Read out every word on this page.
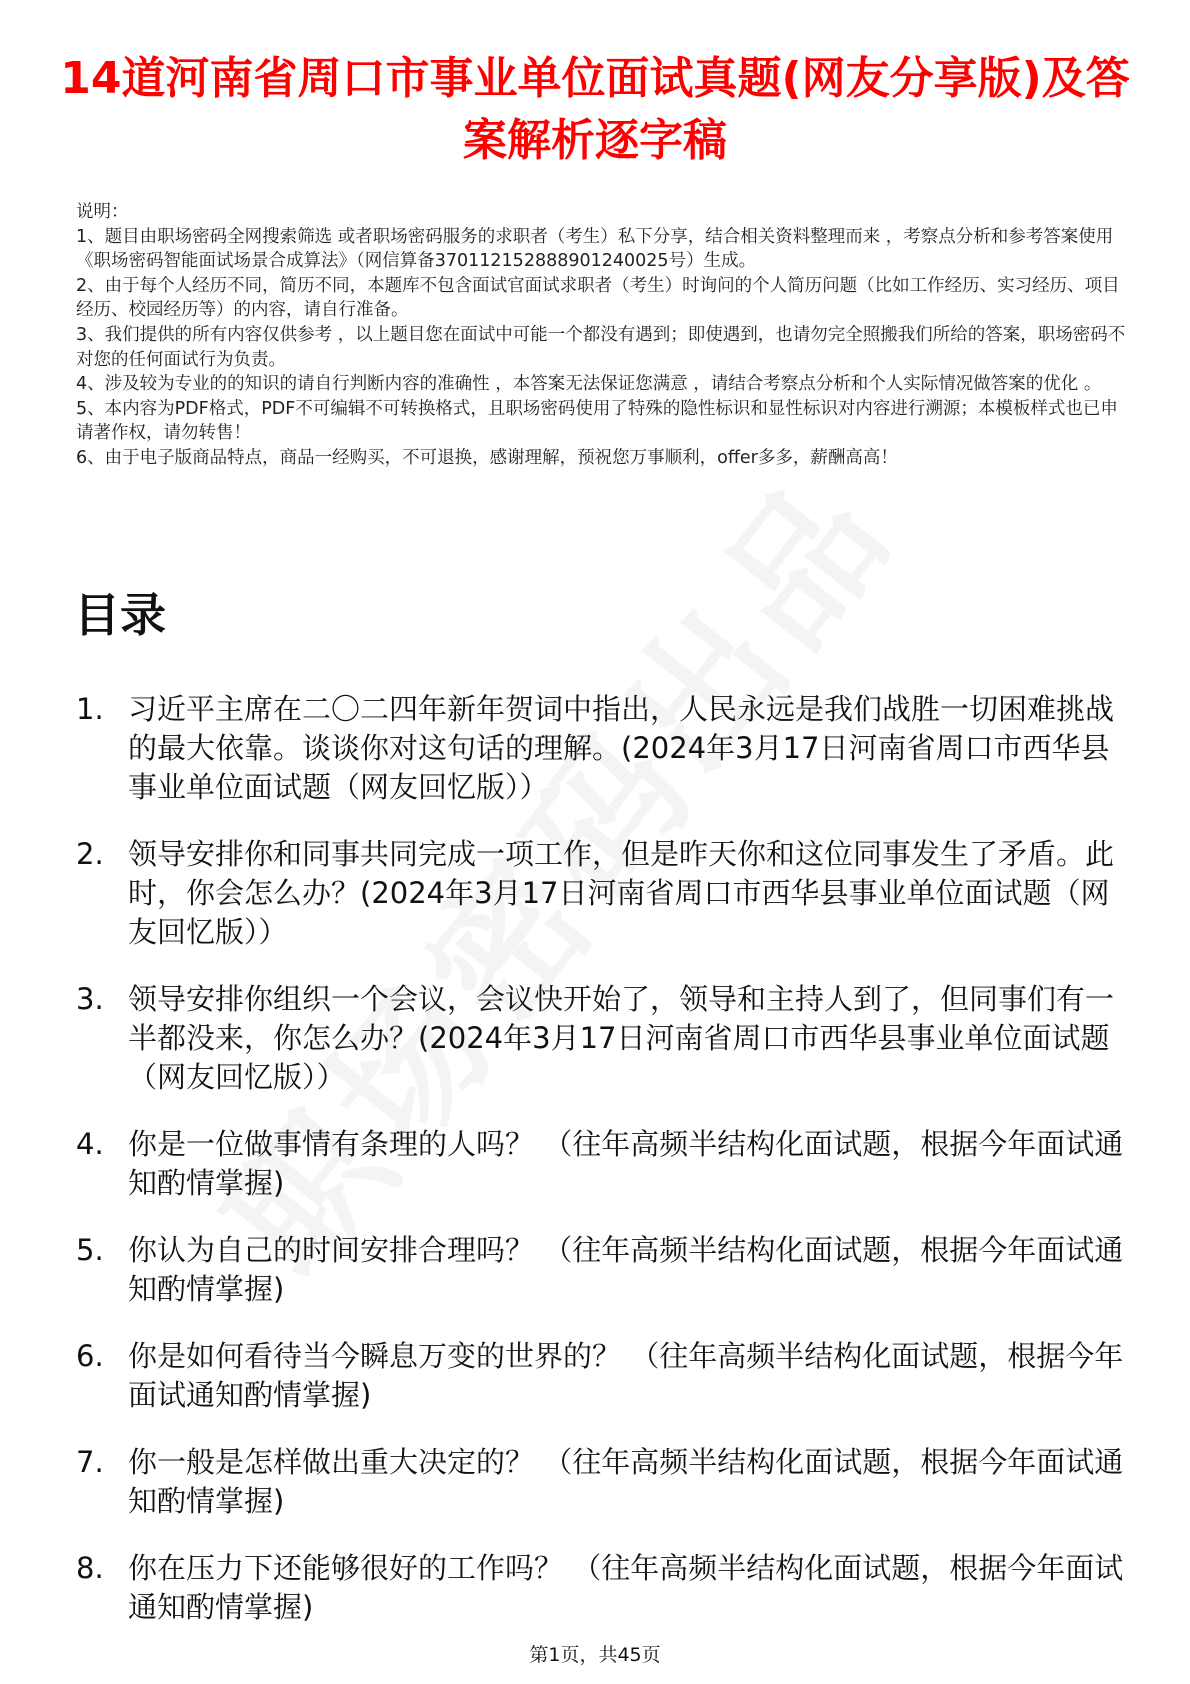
14道河南省周口市事业单位面试真题(网友分享版)及答案解析逐字稿

说明：

1、题目由职场密码全网搜索筛选 或者职场密码服务的求职者（考生）私下分享，结合相关资料整理而来 ，考察点分析和参考答案使用《职场密码智能面试场景合成算法》（网信算备370112152888901240025号）生成。

2、由于每个人经历不同，简历不同，本题库不包含面试官面试求职者（考生）时询问的个人简历问题（比如工作经历、实习经历、项目经历、校园经历等）的内容，请自行准备。

3、我们提供的所有内容仅供参考 ，以上题目您在面试中可能一个都没有遇到；即使遇到，也请勿完全照搬我们所给的答案，职场密码不对您的任何面试行为负责。

4、涉及较为专业的的知识的请自行判断内容的准确性 ，本答案无法保证您满意 ，请结合考察点分析和个人实际情况做答案的优化 。

5、本内容为PDF格式，PDF不可编辑不可转换格式，且职场密码使用了特殊的隐性标识和显性标识对内容进行溯源；本模板样式也已申请著作权，请勿转售！

6、由于电子版商品特点，商品一经购买，不可退换，感谢理解，预祝您万事顺利，offer多多，薪酬高高！

目录
1. 习近平主席在二〇二四年新年贺词中指出，人民永远是我们战胜一切困难挑战的最大依靠。谈谈你对这句话的理解。(2024年3月17日河南省周口市西华县事业单位面试题（网友回忆版））
2. 领导安排你和同事共同完成一项工作，但是昨天你和这位同事发生了矛盾。此时，你会怎么办？(2024年3月17日河南省周口市西华县事业单位面试题（网友回忆版））
3. 领导安排你组织一个会议，会议快开始了，领导和主持人到了，但同事们有一半都没来，你怎么办？(2024年3月17日河南省周口市西华县事业单位面试题（网友回忆版））
4. 你是一位做事情有条理的人吗？ （往年高频半结构化面试题，根据今年面试通知酌情掌握)
5. 你认为自己的时间安排合理吗？ （往年高频半结构化面试题，根据今年面试通知酌情掌握)
6. 你是如何看待当今瞬息万变的世界的？ （往年高频半结构化面试题，根据今年面试通知酌情掌握)
7. 你一般是怎样做出重大决定的？ （往年高频半结构化面试题，根据今年面试通知酌情掌握)
8. 你在压力下还能够很好的工作吗？ （往年高频半结构化面试题，根据今年面试通知酌情掌握)
第1页，共45页
